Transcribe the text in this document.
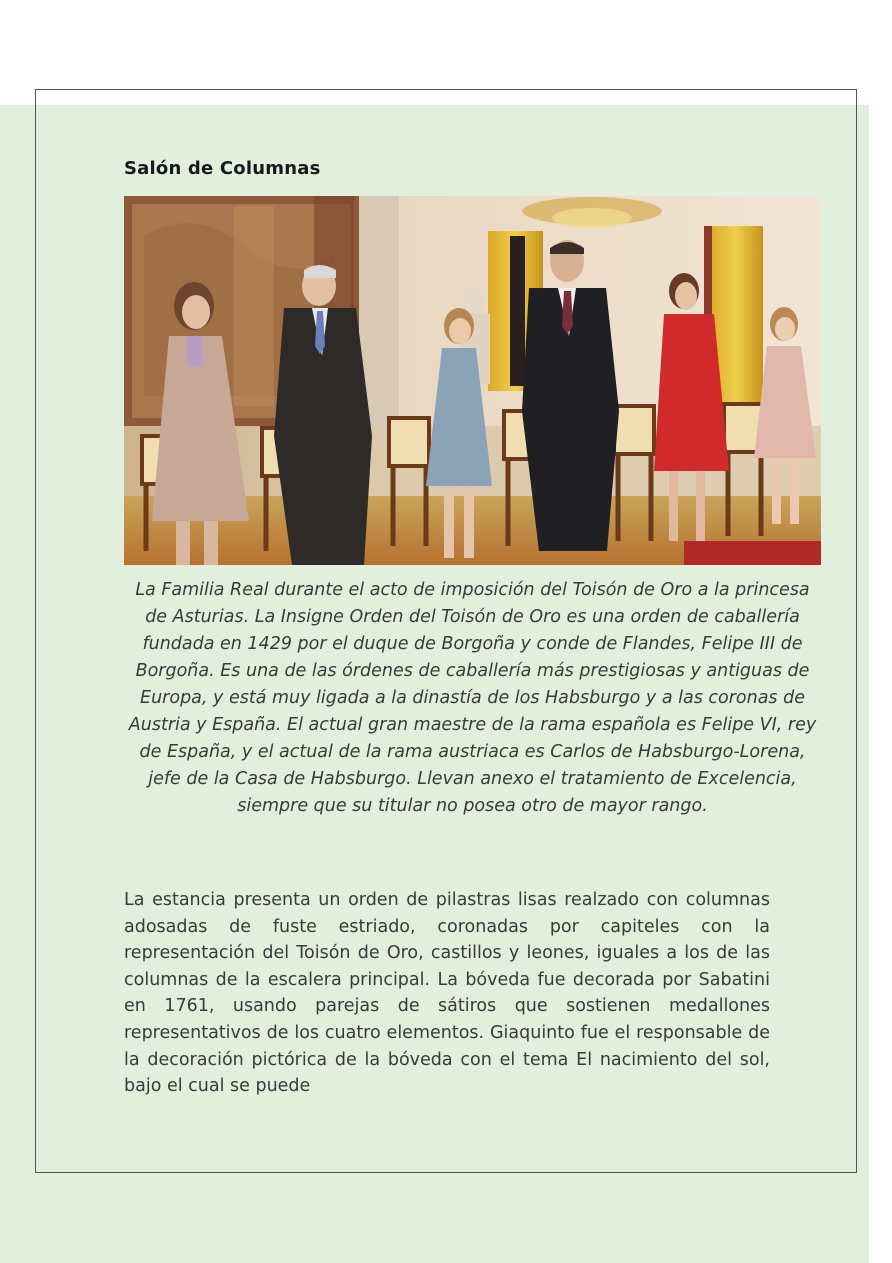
Salón de Columnas

La Familia Real durante el acto de imposición del Toisón de Oro a la princesa de Asturias. La Insigne Orden del Toisón de Oro es una orden de caballería fundada en 1429 por el duque de Borgoña y conde de Flandes, Felipe III de Borgoña. Es una de las órdenes de caballería más prestigiosas y antiguas de Europa, y está muy ligada a la dinastía de los Habsburgo y a las coronas de Austria y España. El actual gran maestre de la rama española es Felipe VI, rey de España, y el actual de la rama austriaca es Carlos de Habsburgo-Lorena, jefe de la Casa de Habsburgo. Llevan anexo el tratamiento de Excelencia, siempre que su titular no posea otro de mayor rango.

La estancia presenta un orden de pilastras lisas realzado con columnas adosadas de fuste estriado, coronadas por capiteles con la representación del Toisón de Oro, castillos y leones, iguales a los de las columnas de la escalera principal. La bóveda fue decorada por Sabatini en 1761, usando parejas de sátiros que sostienen medallones representativos de los cuatro elementos. Giaquinto fue el responsable de la decoración pictórica de la bóveda con el tema El nacimiento del sol, bajo el cual se puede
